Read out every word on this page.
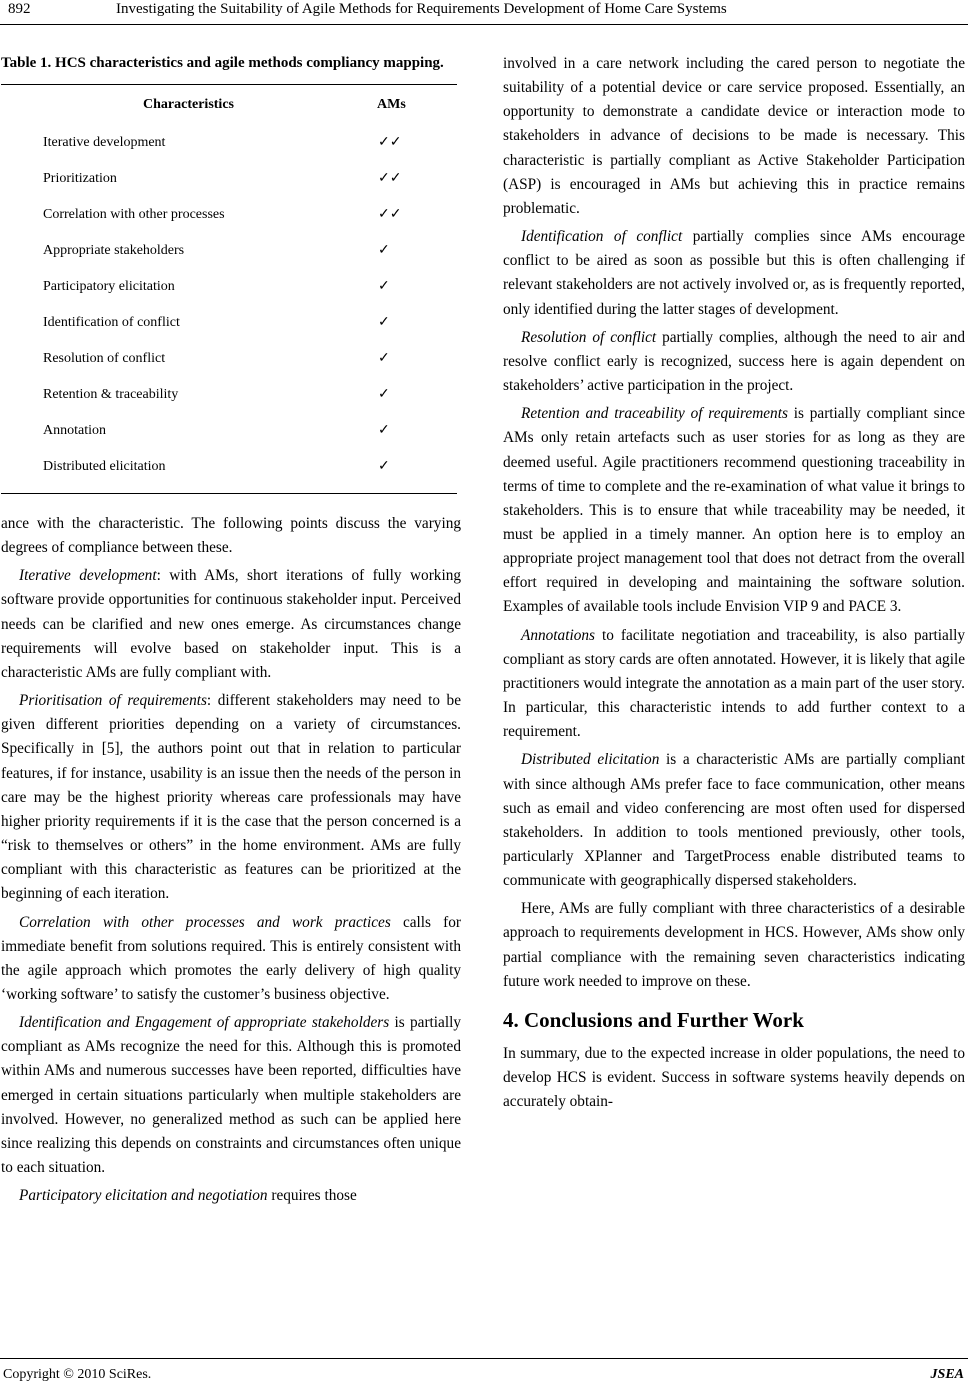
892	Investigating the Suitability of Agile Methods for Requirements Development of Home Care Systems
Table 1. HCS characteristics and agile methods compliancy mapping.
Characteristics	AMs
Iterative development	✓✓
Prioritization	✓✓
Correlation with other processes	✓✓
Appropriate stakeholders	✓
Participatory elicitation	✓
Identification of conflict	✓
Resolution of conflict	✓
Retention & traceability	✓
Annotation	✓
Distributed elicitation	✓

ance with the characteristic. The following points discuss the varying degrees of compliance between these.

Iterative development: with AMs, short iterations of fully working software provide opportunities for continuous stakeholder input. Perceived needs can be clarified and new ones emerge. As circumstances change requirements will evolve based on stakeholder input. This is a characteristic AMs are fully compliant with.

Prioritisation of requirements: different stakeholders may need to be given different priorities depending on a variety of circumstances. Specifically in [5], the authors point out that in relation to particular features, if for instance, usability is an issue then the needs of the person in care may be the highest priority whereas care professionals may have higher priority requirements if it is the case that the person concerned is a “risk to themselves or others” in the home environment. AMs are fully compliant with this characteristic as features can be prioritized at the beginning of each iteration.

Correlation with other processes and work practices calls for immediate benefit from solutions required. This is entirely consistent with the agile approach which promotes the early delivery of high quality ‘working software’ to satisfy the customer’s business objective.

Identification and Engagement of appropriate stakeholders is partially compliant as AMs recognize the need for this. Although this is promoted within AMs and numerous successes have been reported, difficulties have emerged in certain situations particularly when multiple stakeholders are involved. However, no generalized method as such can be applied here since realizing this depends on constraints and circumstances often unique to each situation.

Participatory elicitation and negotiation requires those

involved in a care network including the cared person to negotiate the suitability of a potential device or care service proposed. Essentially, an opportunity to demonstrate a candidate device or interaction mode to stakeholders in advance of decisions to be made is necessary. This characteristic is partially compliant as Active Stakeholder Participation (ASP) is encouraged in AMs but achieving this in practice remains problematic.

Identification of conflict partially complies since AMs encourage conflict to be aired as soon as possible but this is often challenging if relevant stakeholders are not actively involved or, as is frequently reported, only identified during the latter stages of development.

Resolution of conflict partially complies, although the need to air and resolve conflict early is recognized, success here is again dependent on stakeholders’ active participation in the project.

Retention and traceability of requirements is partially compliant since AMs only retain artefacts such as user stories for as long as they are deemed useful. Agile practitioners recommend questioning traceability in terms of time to complete and the re-examination of what value it brings to stakeholders. This is to ensure that while traceability may be needed, it must be applied in a timely manner. An option here is to employ an appropriate project management tool that does not detract from the overall effort required in developing and maintaining the software solution. Examples of available tools include Envision VIP 9 and PACE 3.

Annotations to facilitate negotiation and traceability, is also partially compliant as story cards are often annotated. However, it is likely that agile practitioners would integrate the annotation as a main part of the user story. In particular, this characteristic intends to add further context to a requirement.

Distributed elicitation is a characteristic AMs are partially compliant with since although AMs prefer face to face communication, other means such as email and video conferencing are most often used for dispersed stakeholders. In addition to tools mentioned previously, other tools, particularly XPlanner and TargetProcess enable distributed teams to communicate with geographically dispersed stakeholders.

Here, AMs are fully compliant with three characteristics of a desirable approach to requirements development in HCS. However, AMs show only partial compliance with the remaining seven characteristics indicating future work needed to improve on these.

4. Conclusions and Further Work

In summary, due to the expected increase in older populations, the need to develop HCS is evident. Success in software systems heavily depends on accurately obtain-

Copyright © 2010 SciRes.	JSEA
